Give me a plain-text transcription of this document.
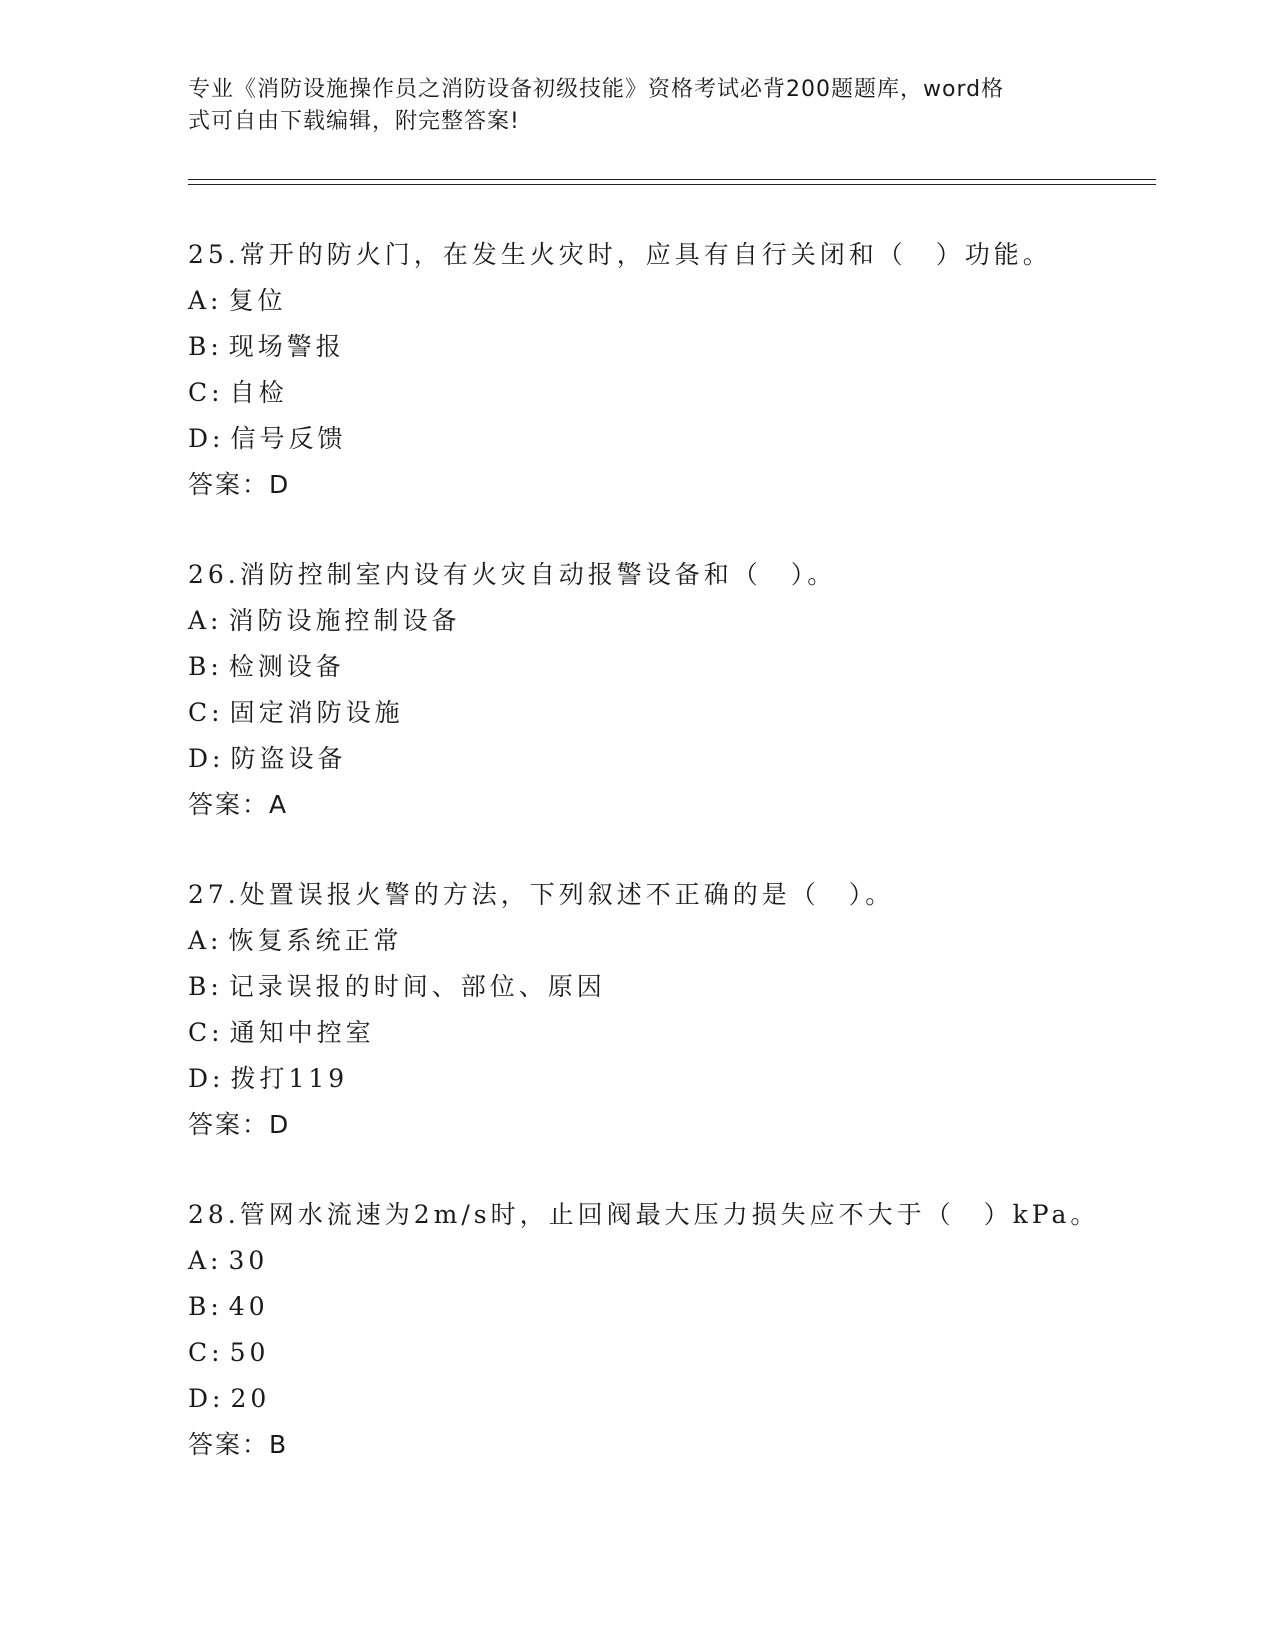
专业《消防设施操作员之消防设备初级技能》资格考试必背200题题库，word格
式可自由下载编辑，附完整答案!
25.常开的防火门，在发生火灾时，应具有自行关闭和（　）功能。
A: 复位
B: 现场警报
C: 自检
D: 信号反馈
答案：D
26.消防控制室内设有火灾自动报警设备和（　）。
A: 消防设施控制设备
B: 检测设备
C: 固定消防设施
D: 防盗设备
答案：A
27.处置误报火警的方法，下列叙述不正确的是（　）。
A: 恢复系统正常
B: 记录误报的时间、部位、原因
C: 通知中控室
D: 拨打119
答案：D
28.管网水流速为2m/s时，止回阀最大压力损失应不大于（　）kPa。
A: 30
B: 40
C: 50
D: 20
答案：B
